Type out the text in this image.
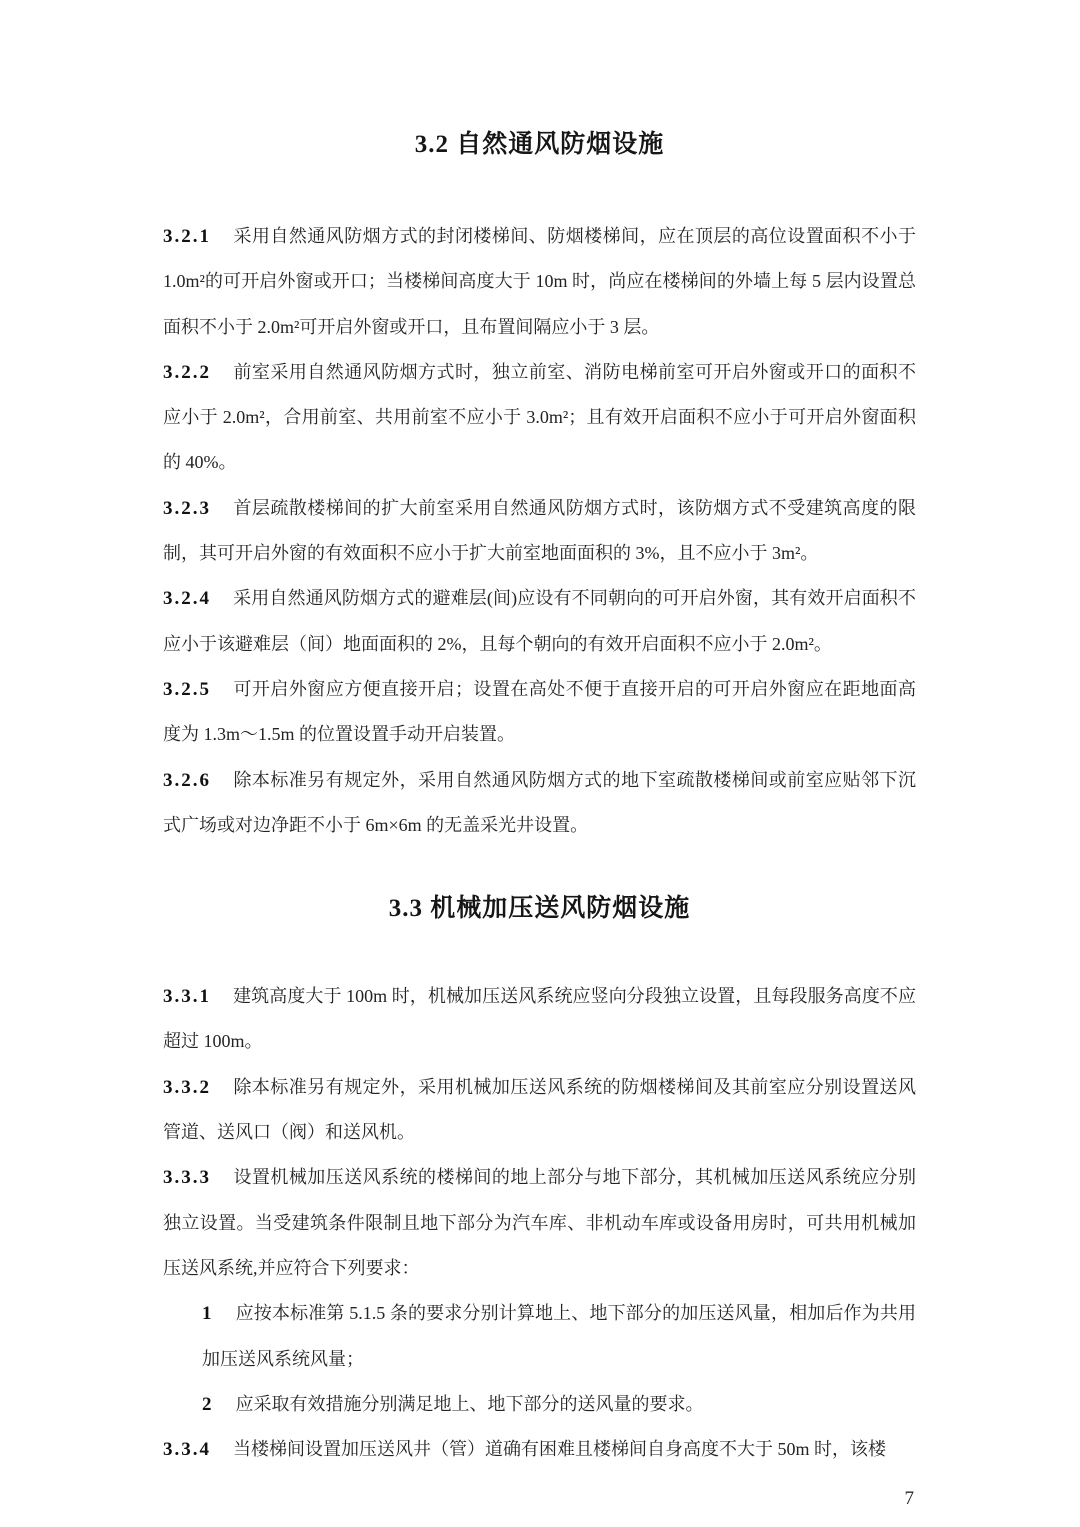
3.2 自然通风防烟设施

3.2.1 采用自然通风防烟方式的封闭楼梯间、防烟楼梯间，应在顶层的高位设置面积不小于 1.0m²的可开启外窗或开口；当楼梯间高度大于 10m 时，尚应在楼梯间的外墙上每 5 层内设置总面积不小于 2.0m²可开启外窗或开口，且布置间隔应小于 3 层。

3.2.2 前室采用自然通风防烟方式时，独立前室、消防电梯前室可开启外窗或开口的面积不应小于 2.0m²，合用前室、共用前室不应小于 3.0m²；且有效开启面积不应小于可开启外窗面积的 40%。

3.2.3 首层疏散楼梯间的扩大前室采用自然通风防烟方式时，该防烟方式不受建筑高度的限制，其可开启外窗的有效面积不应小于扩大前室地面面积的 3%，且不应小于 3m²。

3.2.4 采用自然通风防烟方式的避难层(间)应设有不同朝向的可开启外窗，其有效开启面积不应小于该避难层（间）地面面积的 2%，且每个朝向的有效开启面积不应小于 2.0m²。

3.2.5 可开启外窗应方便直接开启；设置在高处不便于直接开启的可开启外窗应在距地面高度为 1.3m～1.5m 的位置设置手动开启装置。

3.2.6 除本标准另有规定外，采用自然通风防烟方式的地下室疏散楼梯间或前室应贴邻下沉式广场或对边净距不小于 6m×6m 的无盖采光井设置。

3.3 机械加压送风防烟设施

3.3.1 建筑高度大于 100m 时，机械加压送风系统应竖向分段独立设置，且每段服务高度不应超过 100m。

3.3.2 除本标准另有规定外，采用机械加压送风系统的防烟楼梯间及其前室应分别设置送风管道、送风口（阀）和送风机。

3.3.3 设置机械加压送风系统的楼梯间的地上部分与地下部分，其机械加压送风系统应分别独立设置。当受建筑条件限制且地下部分为汽车库、非机动车库或设备用房时，可共用机械加压送风系统,并应符合下列要求：

1 应按本标准第 5.1.5 条的要求分别计算地上、地下部分的加压送风量，相加后作为共用加压送风系统风量；

2 应采取有效措施分别满足地上、地下部分的送风量的要求。

3.3.4 当楼梯间设置加压送风井（管）道确有困难且楼梯间自身高度不大于 50m 时，该楼

7
